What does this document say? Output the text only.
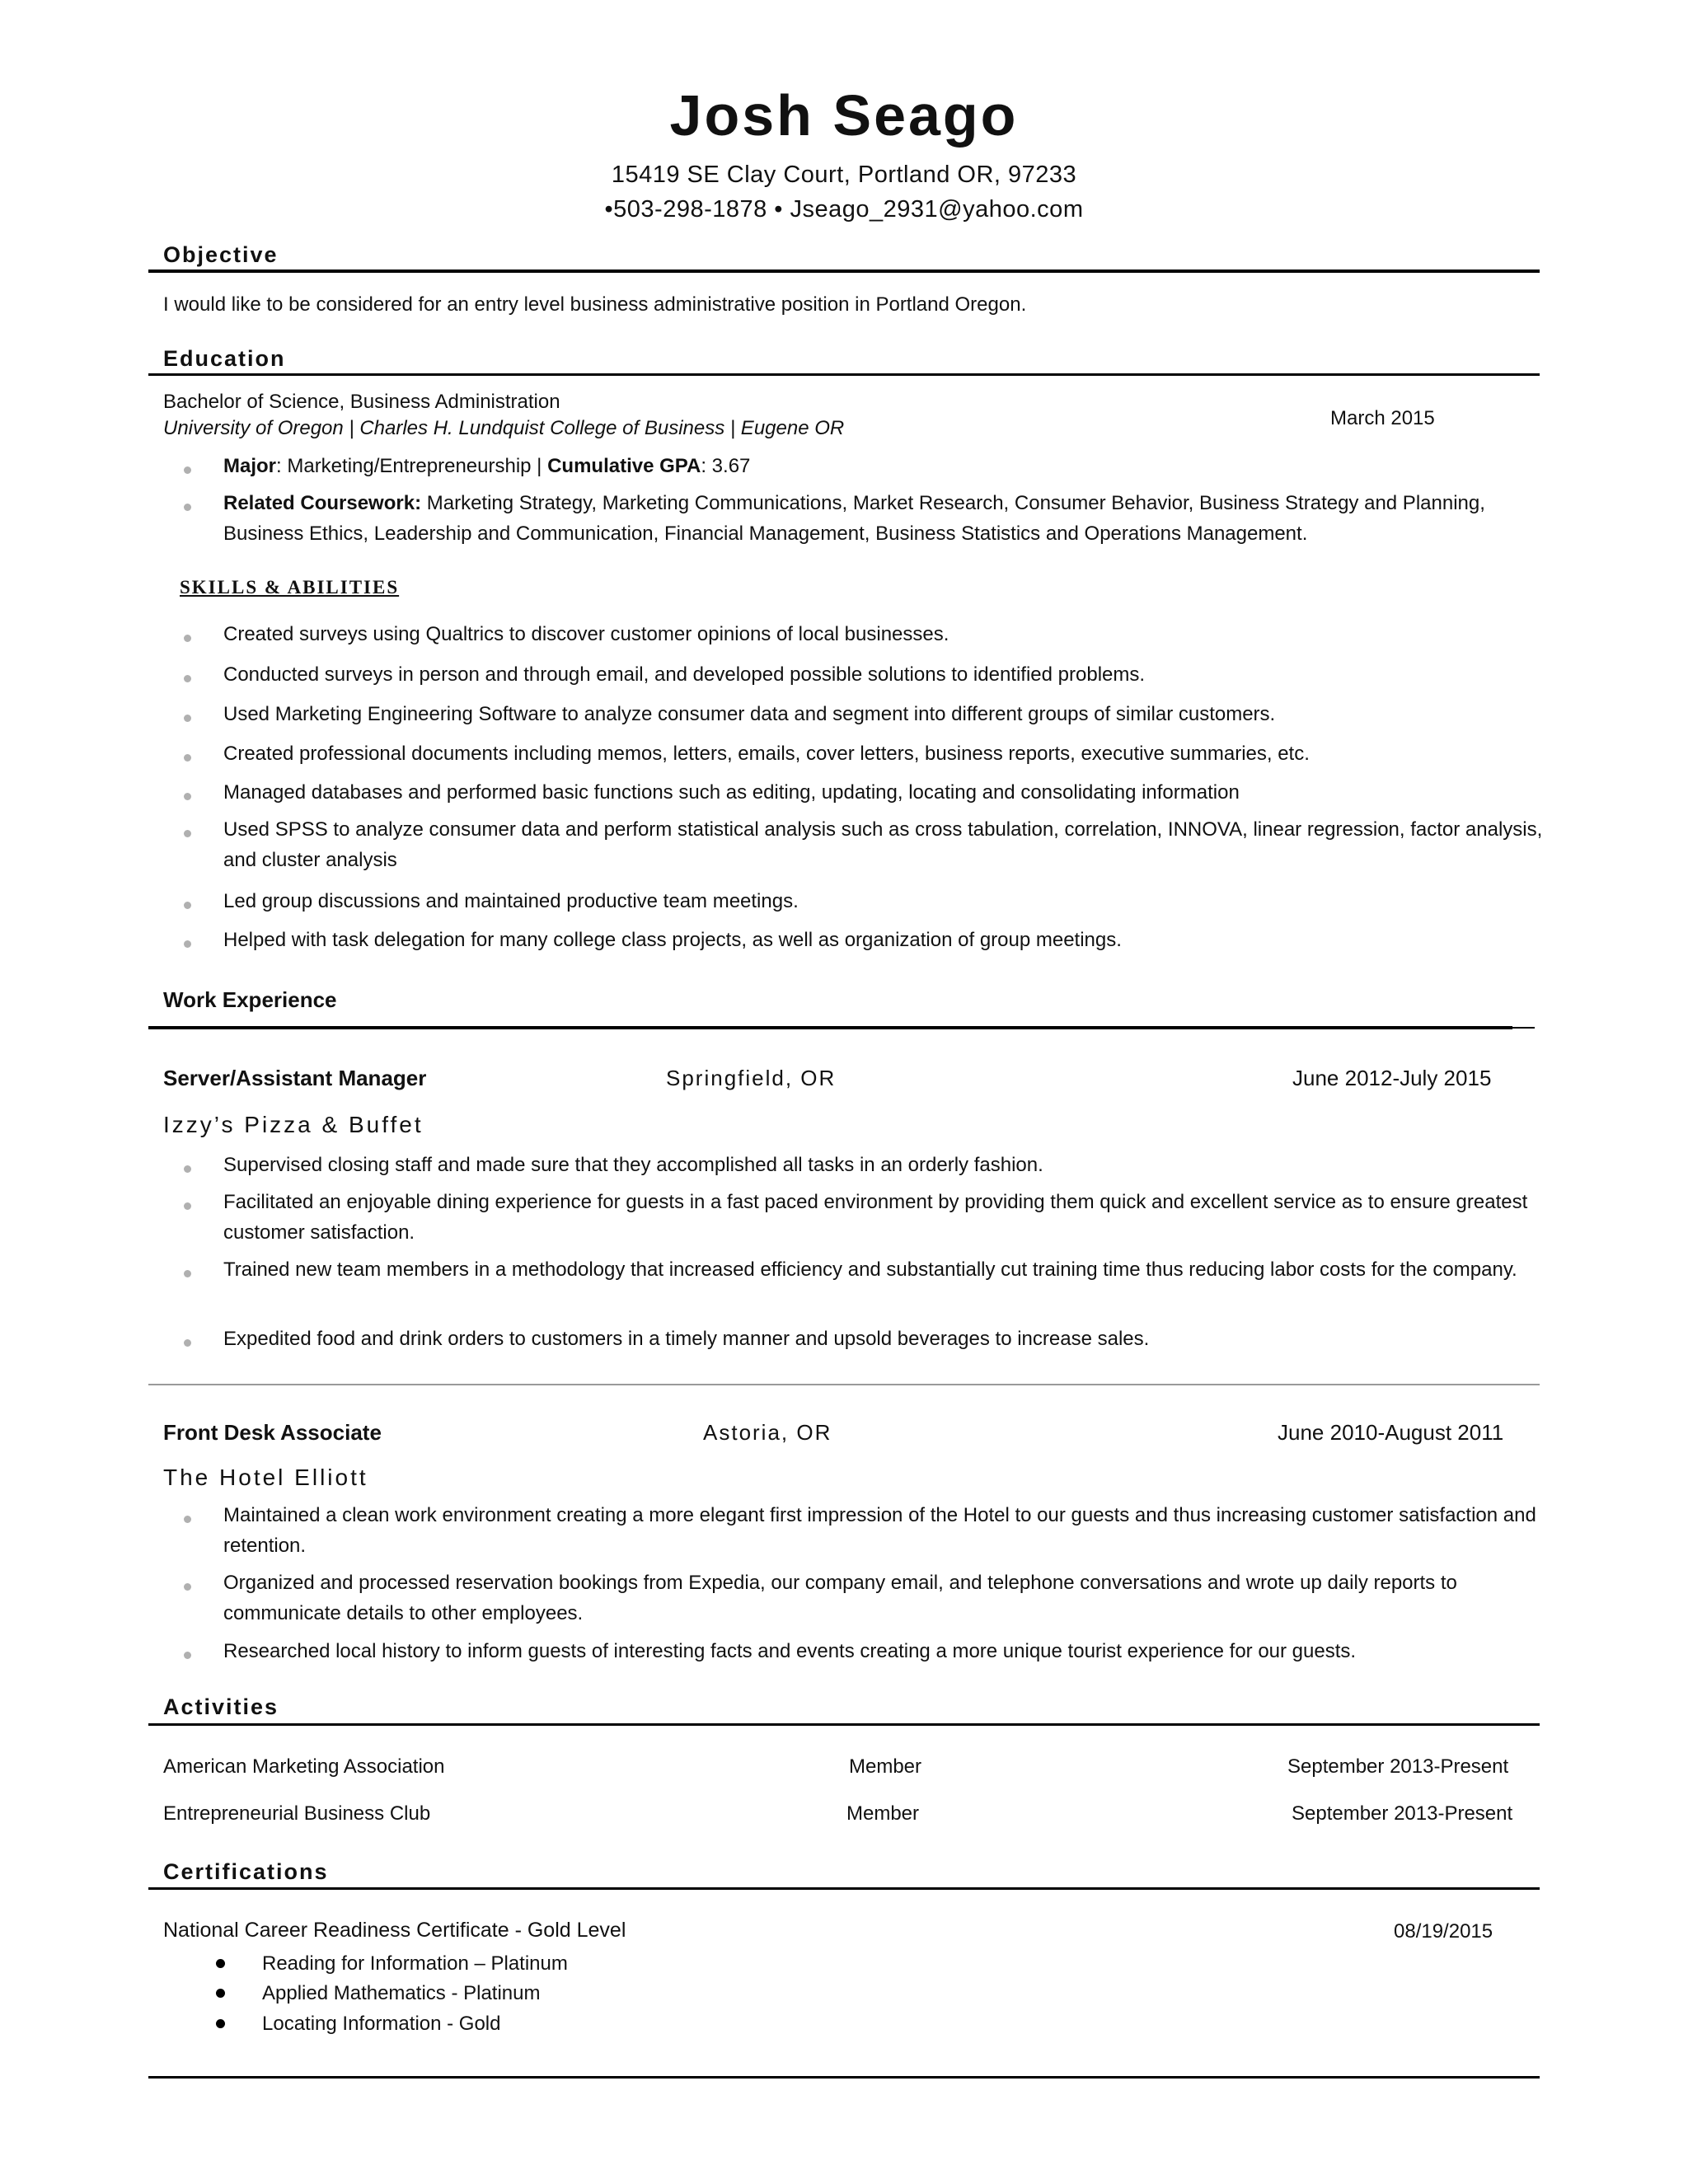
Josh Seago
15419 SE Clay Court, Portland OR, 97233
•503-298-1878 • Jseago_2931@yahoo.com
Objective
I would like to be considered for an entry level business administrative position in Portland Oregon.
Education
Bachelor of Science, Business Administration
University of Oregon | Charles H. Lundquist College of Business | Eugene OR	March 2015
Major: Marketing/Entrepreneurship | Cumulative GPA: 3.67
Related Coursework: Marketing Strategy, Marketing Communications, Market Research, Consumer Behavior, Business Strategy and Planning, Business Ethics, Leadership and Communication, Financial Management, Business Statistics and Operations Management.
SKILLS & ABILITIES
Created surveys using Qualtrics to discover customer opinions of local businesses.
Conducted surveys in person and through email, and developed possible solutions to identified problems.
Used Marketing Engineering Software to analyze consumer data and segment into different groups of similar customers.
Created professional documents including memos, letters, emails, cover letters, business reports, executive summaries, etc.
Managed databases and performed basic functions such as editing, updating, locating and consolidating information
Used SPSS to analyze consumer data and perform statistical analysis such as cross tabulation, correlation, INNOVA, linear regression, factor analysis, and cluster analysis
Led group discussions and maintained productive team meetings.
Helped with task delegation for many college class projects, as well as organization of group meetings.
Work Experience
Server/Assistant Manager	Springfield, OR	June 2012-July 2015
Izzy’s Pizza & Buffet
Supervised closing staff and made sure that they accomplished all tasks in an orderly fashion.
Facilitated an enjoyable dining experience for guests in a fast paced environment by providing them quick and excellent service as to ensure greatest customer satisfaction.
Trained new team members in a methodology that increased efficiency and substantially cut training time thus reducing labor costs for the company.
Expedited food and drink orders to customers in a timely manner and upsold beverages to increase sales.
Front Desk Associate	Astoria, OR	June 2010-August 2011
The Hotel Elliott
Maintained a clean work environment creating a more elegant first impression of the Hotel to our guests and thus increasing customer satisfaction and retention.
Organized and processed reservation bookings from Expedia, our company email, and telephone conversations and wrote up daily reports to communicate details to other employees.
Researched local history to inform guests of interesting facts and events creating a more unique tourist experience for our guests.
Activities
American Marketing Association	Member	September 2013-Present
Entrepreneurial Business Club	Member	September 2013-Present
Certifications
National Career Readiness Certificate - Gold Level	08/19/2015
Reading for Information – Platinum
Applied Mathematics - Platinum
Locating Information - Gold
